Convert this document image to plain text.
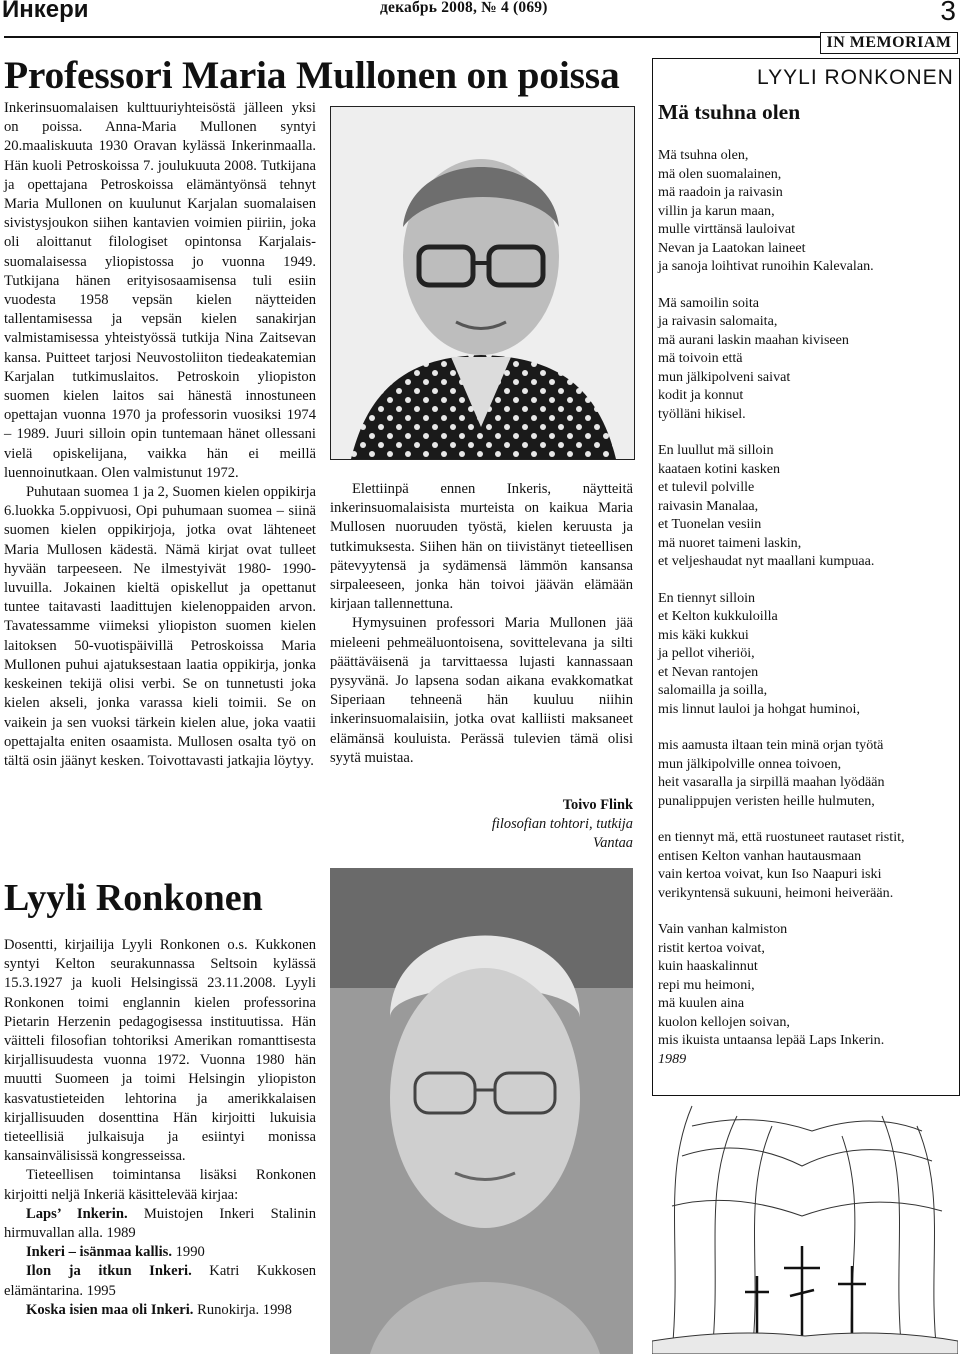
Инкери	декабрь 2008, № 4 (069)	3
IN MEMORIAM
Professori Maria Mullonen on poissa

Inkerinsuomalaisen kulttuuriyhteisöstä jälleen yksi on poissa. Anna-Maria Mullonen syntyi 20.maaliskuuta 1930 Oravan kylässä Inkerinmaalla. Hän kuoli Petroskoissa 7. joulukuuta 2008. Tutkijana ja opettajana Petroskoissa elämäntyönsä tehnyt Maria Mullonen on kuulunut Karjalan suomalaisen sivistysjoukon siihen kantavien voimien piiriin, joka oli aloittanut filologiset opintonsa Karjalais-suomalaisessa yliopistossa jo vuonna 1949. Tutkijana hänen erityisosaamisensa tuli esiin vuodesta 1958 vepsän kielen näytteiden tallentamisessa ja vepsän kielen sanakirjan valmistamisessa yhteistyössä tutkija Nina Zaitsevan kansa. Puitteet tarjosi Neuvostoliiton tiedeakatemian Karjalan tutkimuslaitos. Petroskoin yliopiston suomen kielen laitos sai hänestä innostuneen opettajan vuonna 1970 ja professorin vuosiksi 1974 – 1989. Juuri silloin opin tuntemaan hänet ollessani vielä opiskelijana, vaikka hän ei meillä luennoinutkaan. Olen valmistunut 1972.

Puhutaan suomea 1 ja 2, Suomen kielen oppikirja 6.luokka 5.oppivuosi, Opi puhumaan suomea – siinä suomen kielen oppikirjoja, jotka ovat lähteneet Maria Mullosen kädestä. Nämä kirjat ovat tulleet hyvään tarpeeseen. Ne ilmestyivät 1980- 1990-luvuilla. Jokainen kieltä opiskellut ja opettanut tuntee taitavasti laadittujen kielenoppaiden arvon. Tavatessamme viimeksi yliopiston suomen kielen laitoksen 50-vuotispäivillä Petroskoissa Maria Mullonen puhui ajatuksestaan laatia oppikirja, jonka keskeinen tekijä olisi verbi. Se on tunnetusti joka kielen akseli, jonka varassa kieli toimii. Se on vaikein ja sen vuoksi tärkein kielen alue, joka vaatii opettajalta eniten osaamista. Mullosen osalta työ on tältä osin jäänyt kesken. Toivottavasti jatkajia löytyy.

Elettiinpä ennen Inkeris, näytteitä inkerinsuomalaisista murteista on kaikua Maria Mullosen nuoruuden työstä, kielen keruusta ja tutkimuksesta. Siihen hän on tiivistänyt tieteellisen pätevyytensä ja sydämensä lämmön kansansa sirpaleeseen, jonka hän toivoi jäävän elämään kirjaan tallennettuna.

Hymysuinen professori Maria Mullonen jää mieleeni pehmeäluontoisena, sovittelevana ja silti päättäväisenä ja tarvittaessa lujasti kannassaan pysyvänä. Jo lapsena sodan aikana evakkomatkat Siperiaan tehneenä hän kuuluu niihin inkerinsuomalaisiin, jotka ovat kalliisti maksaneet elämänsä kouluista. Perässä tulevien tämä olisi syytä muistaa.

Toivo Flink
filosofian tohtori, tutkija
Vantaa
Lyyli Ronkonen

Dosentti, kirjailija Lyyli Ronkonen o.s. Kukkonen syntyi Kelton seurakunnassa Seltsoin kylässä 15.3.1927 ja kuoli Helsingissä 23.11.2008. Lyyli Ronkonen toimi englannin kielen professorina Pietarin Herzenin pedagogisessa instituutissa. Hän väitteli filosofian tohtoriksi Amerikan romanttisesta kirjallisuudesta vuonna 1972. Vuonna 1980 hän muutti Suomeen ja toimi Helsingin yliopiston kasvatustieteiden lehtorina ja amerikkalaisen kirjallisuuden dosenttina Hän kirjoitti lukuisia tieteellisiä julkaisuja ja esiintyi monissa kansainvälisissä kongresseissa.

Tieteellisen toimintansa lisäksi Ronkonen kirjoitti neljä Inkeriä käsittelevää kirjaa:

Laps’ Inkerin. Muistojen Inkeri Stalinin hirmuvallan alla. 1989

Inkeri – isänmaa kallis. 1990

Ilon ja itkun Inkeri. Katri Kukkosen elämäntarina. 1995

Koska isien maa oli Inkeri. Runokirja. 1998

LYYLI RONKONEN
Mä tsuhna olen
Mä tsuhna olen,
mä olen suomalainen,
mä raadoin ja raivasin
villin ja karun maan,
mulle virttänsä lauloivat
Nevan ja Laatokan laineet
ja sanoja loihtivat runoihin Kalevalan.
Mä samoilin soita
ja raivasin salomaita,
mä aurani laskin maahan kiviseen
mä toivoin että
mun jälkipolveni saivat
kodit ja konnut
työlläni hikisel.
En luullut mä silloin
kaataen kotini kasken
et tulevil polville
raivasin Manalaa,
et Tuonelan vesiin
mä nuoret taimeni laskin,
et veljeshaudat nyt maallani kumpuaa.
En tiennyt silloin
et Kelton kukkuloilla
mis käki kukkui
ja pellot viheriöi,
et Nevan rantojen
salomailla ja soilla,
mis linnut lauloi ja hohgat huminoi,
mis aamusta iltaan tein minä orjan työtä
mun jälkipolville onnea toivoen,
heit vasaralla ja sirpillä maahan lyödään
punalippujen veristen heille hulmuten,
en tiennyt mä, että ruostuneet rautaset ristit,
entisen Kelton vanhan hautausmaan
vain kertoa voivat, kun Iso Naapuri iski
verikyntensä sukuuni, heimoni heiverään.
Vain vanhan kalmiston
ristit kertoa voivat,
kuin haaskalinnut
repi mu heimoni,
mä kuulen aina
kuolon kellojen soivan,
mis ikuista untaansa lepää Laps Inkerin.
1989
